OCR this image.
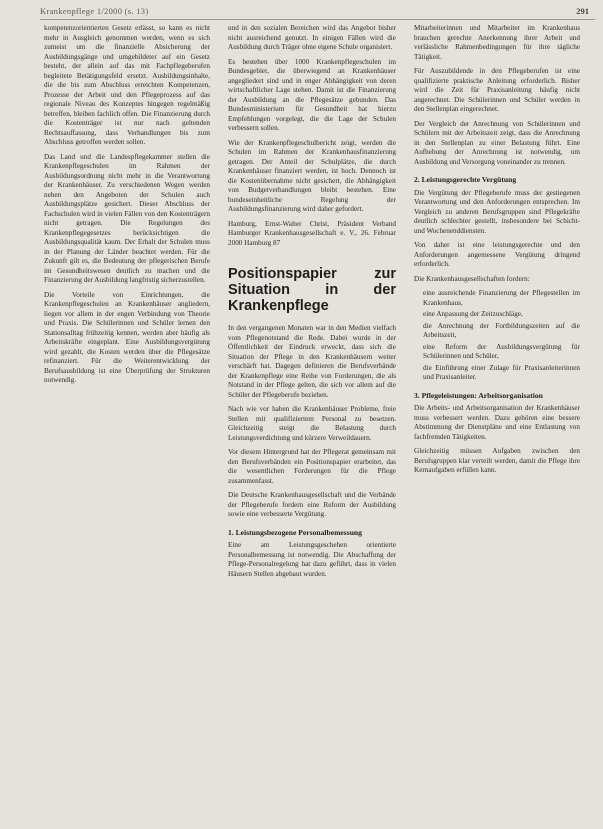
Krankenpflege 1/2000 (s. 13)	291

kompetenzorientierten Gesetz erlässt, so kann es nicht mehr in Ausgleich genommen werden, wenn es sich zumeist um die finanzielle Absicherung der Ausbildungsgänge und umgebildeter auf ein Gesetz besteht, der allein auf das mit Fachpflegeberufen begleitete Betätigungsfeld ersetzt. Ausbildungsinhalte, die die bis zum Abschluss erreichten Kompetenzen, Prozesse der Arbeit und den Pflegeprozess auf das regionale Niveau des Konzeptes hingegen regelmäßig betreffen, bleiben fachlich offen. Die Finanzierung durch die Kostenträger ist nur nach geltenden Rechtsauffassung, dass Verhandlungen bis zum Abschluss getroffen werden sollen.

Das Land und die Landespflegekammer stellen die Krankenpflegeschulen im Rahmen der Ausbildungsordnung nicht mehr in die Verantwortung der Krankenhäuser. Zu verschiedenen Wegen werden neben den Angeboten der Schulen auch Ausbildungsplätze gesichert. Dieser Abschluss der Fachschulen wird in vielen Fällen von den Kostenträgern nicht getragen. Die Regelungen des Krankenpflegegesetzes berücksichtigen die Ausbildungsqualität kaum. Der Erhalt der Schulen muss in der Planung der Länder beachtet werden. Für die Zukunft gilt es, die Bedeutung der pflegerischen Berufe im Gesundheitswesen deutlich zu machen und die Finanzierung der Ausbildung langfristig sicherzustellen.

Die Vorteile von Einrichtungen, die Krankenpflegeschulen an Krankenhäuser angliedern, liegen vor allem in der engen Verbindung von Theorie und Praxis. Die Schülerinnen und Schüler lernen den Stationsalltag frühzeitig kennen, werden aber häufig als Arbeitskräfte eingeplant. Eine Ausbildungsvergütung wird gezahlt, die Kosten werden über die Pflegesätze refinanziert. Für die Weiterentwicklung der Berufsausbildung ist eine Überprüfung der Strukturen notwendig.

und in den sozialen Bereichen wird das Angebot bisher nicht ausreichend genutzt. In einigen Fällen wird die Ausbildung durch Träger ohne eigene Schule organisiert.

Es bestehen über 1000 Krankenpflegeschulen im Bundesgebiet, die überwiegend an Krankenhäuser angegliedert sind und in enger Abhängigkeit von deren wirtschaftlicher Lage stehen. Damit ist die Finanzierung der Ausbildung an die Pflegesätze gebunden. Das Bundesministerium für Gesundheit hat hierzu Empfehlungen vorgelegt, die die Lage der Schulen verbessern sollen.

Wie der Krankenpflegeschulbericht zeigt, werden die Schulen im Rahmen der Krankenhausfinanzierung getragen. Der Anteil der Schulplätze, die durch Krankenhäuser finanziert werden, ist hoch. Dennoch ist die Kostenübernahme nicht gesichert, die Abhängigkeit von Budgetverhandlungen bleibt bestehen. Eine bundeseinheitliche Regelung der Ausbildungsfinanzierung wird daher gefordert.

Hamburg, Ernst-Walter Christ, Präsident Verband Hamburger Krankenhausgesellschaft e. V., 26. Februar 2000 Hamburg 87

Positionspapier zur Situation in der Krankenpflege

In den vergangenen Monaten war in den Medien vielfach vom Pflegenotstand die Rede. Dabei wurde in der Öffentlichkeit der Eindruck erweckt, dass sich die Situation der Pflege in den Krankenhäusern weiter verschärft hat. Dagegen definieren die Berufsverbände der Krankenpflege eine Reihe von Forderungen, die als Notstand in der Pflege gelten, die sich vor allem auf die Schüler der Pflegeberufe beziehen.

Nach wie vor haben die Krankenhäuser Probleme, freie Stellen mit qualifiziertem Personal zu besetzen. Gleichzeitig steigt die Belastung durch Leistungsverdichtung und kürzere Verweildauern.

Vor diesem Hintergrund hat der Pflegerat gemeinsam mit den Berufsverbänden ein Positionspapier erarbeitet, das die wesentlichen Forderungen für die Pflege zusammenfasst.

Die Deutsche Krankenhausgesellschaft und die Verbände der Pflegeberufe fordern eine Reform der Ausbildung sowie eine verbesserte Vergütung.

1. Leistungsbezogene Personalbemessung

Eine am Leistungsgeschehen orientierte Personalbemessung ist notwendig. Die Abschaffung der Pflege-Personalregelung hat dazu geführt, dass in vielen Häusern Stellen abgebaut wurden.

Mitarbeiterinnen und Mitarbeiter im Krankenhaus brauchen gerechte Anerkennung ihrer Arbeit und verlässliche Rahmenbedingungen für ihre tägliche Tätigkeit.

Für Auszubildende in den Pflegeberufen ist eine qualifizierte praktische Anleitung erforderlich. Bisher wird die Zeit für Praxisanleitung häufig nicht angerechnet. Die Schülerinnen und Schüler werden in den Stellenplan eingerechnet.

Der Vergleich der Anrechnung von Schülerinnen und Schülern mit der Arbeitszeit zeigt, dass die Anrechnung in den Stellenplan zu einer Belastung führt. Eine Aufhebung der Anrechnung ist notwendig, um Ausbildung und Versorgung voneinander zu trennen.

2. Leistungsgerechte Vergütung

Die Vergütung der Pflegeberufe muss der gestiegenen Verantwortung und den Anforderungen entsprechen. Im Vergleich zu anderen Berufsgruppen sind Pflegekräfte deutlich schlechter gestellt, insbesondere bei Schicht- und Wochenenddiensten.

Von daher ist eine leistungsgerechte und den Anforderungen angemessene Vergütung dringend erforderlich.

Die Krankenhausgesellschaften fordern:

• eine ausreichende Finanzierung der Pflegestellen im Krankenhaus,
• eine Anpassung der Zeitzuschläge,
• die Anrechnung der Fortbildungszeiten auf die Arbeitszeit,
• eine Reform der Ausbildungsvergütung für Schülerinnen und Schüler,
• die Einführung einer Zulage für Praxisanleiterinnen und Praxisanleiter.
3. Pflegeleistungen: Arbeitsorganisation

Die Arbeits- und Arbeitsorganisation der Krankenhäuser muss verbessert werden. Dazu gehören eine bessere Abstimmung der Dienstpläne und eine Entlastung von fachfremden Tätigkeiten.

Gleichzeitig müssen Aufgaben zwischen den Berufsgruppen klar verteilt werden, damit die Pflege ihre Kernaufgaben erfüllen kann.
